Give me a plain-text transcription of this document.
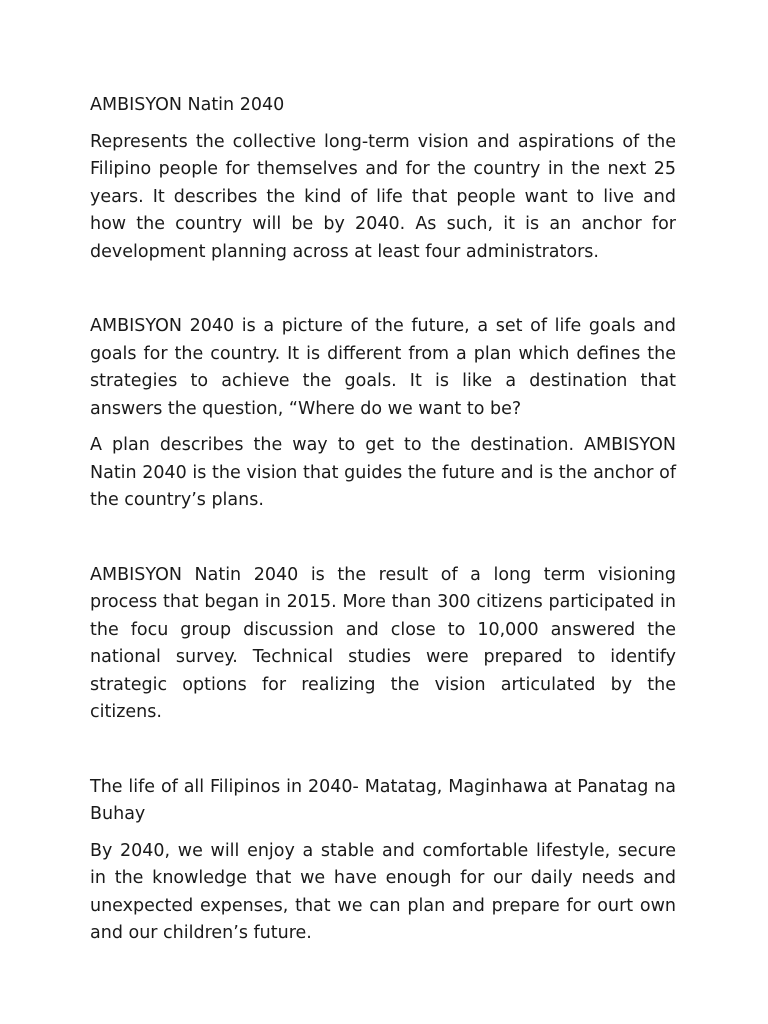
AMBISYON Natin 2040

Represents the collective long-term vision and aspirations of the Filipino people for themselves and for the country in the next 25 years. It describes the kind of life that people want to live and how the country will be by 2040. As such, it is an anchor for development planning across at least four administrators.

AMBISYON 2040 is a picture of the future, a set of life goals and goals for the country. It is different from a plan which defines the strategies to achieve the goals. It is like a destination that answers the question, “Where do we want to be?

A plan describes the way to get to the destination. AMBISYON Natin 2040 is the vision that guides the future and is the anchor of the country’s plans.

AMBISYON Natin 2040 is the result of a long term visioning process that began in 2015. More than 300 citizens participated in the focu group discussion and close to 10,000 answered the national survey. Technical studies were prepared to identify strategic options for realizing the vision articulated by the citizens.

The life of all Filipinos in 2040- Matatag, Maginhawa at Panatag na Buhay

By 2040, we will enjoy a stable and comfortable lifestyle, secure in the knowledge that we have enough for our daily needs and unexpected expenses, that we can plan and prepare for ourt own and our children’s future.
